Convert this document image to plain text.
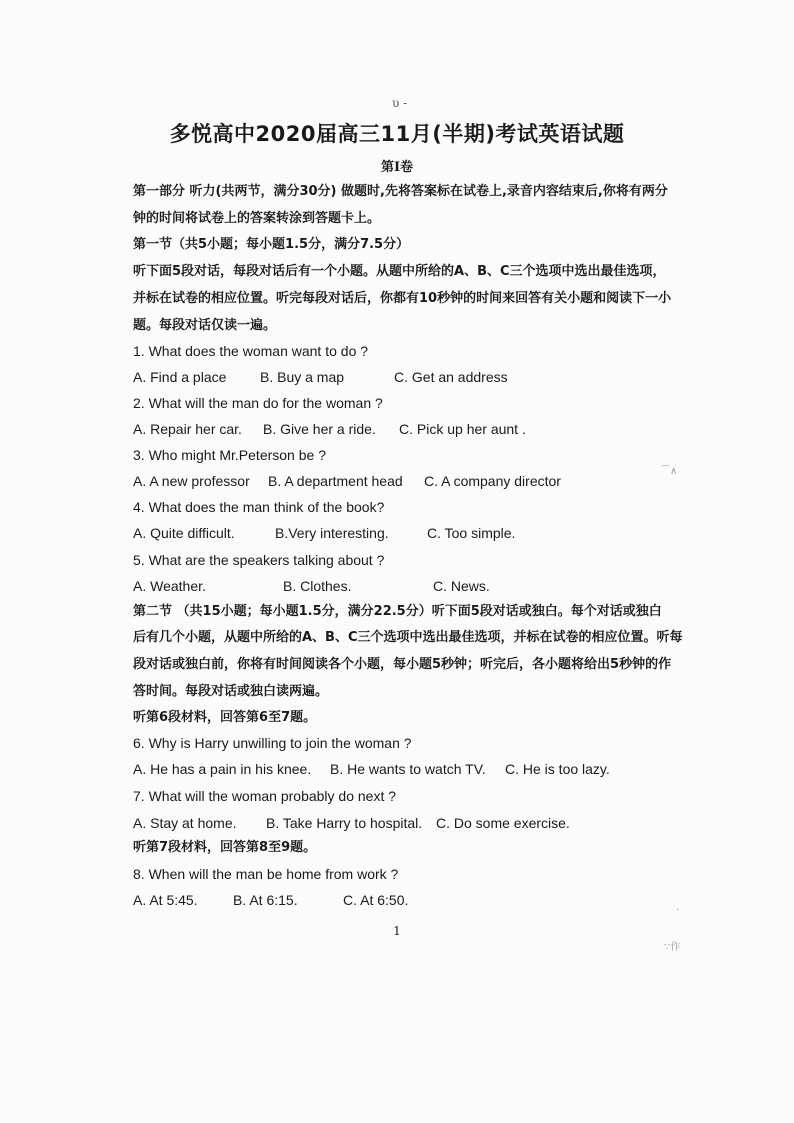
υ -
多悦高中2020届高三11月(半期)考试英语试题
第Ⅰ卷
第一部分 听力(共两节，满分30分) 做题时,先将答案标在试卷上,录音内容结束后,你将有两分
钟的时间将试卷上的答案转涂到答题卡上。
第一节（共5小题；每小题1.5分，满分7.5分）
听下面5段对话，每段对话后有一个小题。从题中所给的A、B、C三个选项中选出最佳选项，
并标在试卷的相应位置。听完每段对话后，你都有10秒钟的时间来回答有关小题和阅读下一小
题。每段对话仅读一遍。
1. What does the woman want to do ?
A. Find a place B. Buy a map	C. Get an address
2. What will the man do for the woman ?
A. Repair her car. B. Give her a ride. C. Pick up her aunt .
3. Who might Mr.Peterson be ?
A. A new professor B. A department head C. A company director
4. What does the man think of the book?
A. Quite difficult.	B.Very interesting.	C. Too simple.
5. What are the speakers talking about ?
A. Weather.	B. Clothes.	C. News.
第二节 （共15小题；每小题1.5分，满分22.5分）听下面5段对话或独白。每个对话或独白
后有几个小题，从题中所给的A、B、C三个选项中选出最佳选项，并标在试卷的相应位置。听每
段对话或独白前，你将有时间阅读各个小题，每小题5秒钟；听完后，各小题将给出5秒钟的作
答时间。每段对话或独白读两遍。
听第6段材料，回答第6至7题。
6. Why is Harry unwilling to join the woman ?
A. He has a pain in his knee. B. He wants to watch TV. C. He is too lazy.
7. What will the woman probably do next ?
A. Stay at home. B. Take Harry to hospital. C. Do some exercise.
听第7段材料，回答第8至9题。
8. When will the man be home from work ?
A. At 5:45.	B. At 6:15.	C. At 6:50.
1
⌒∧
·
∵作
